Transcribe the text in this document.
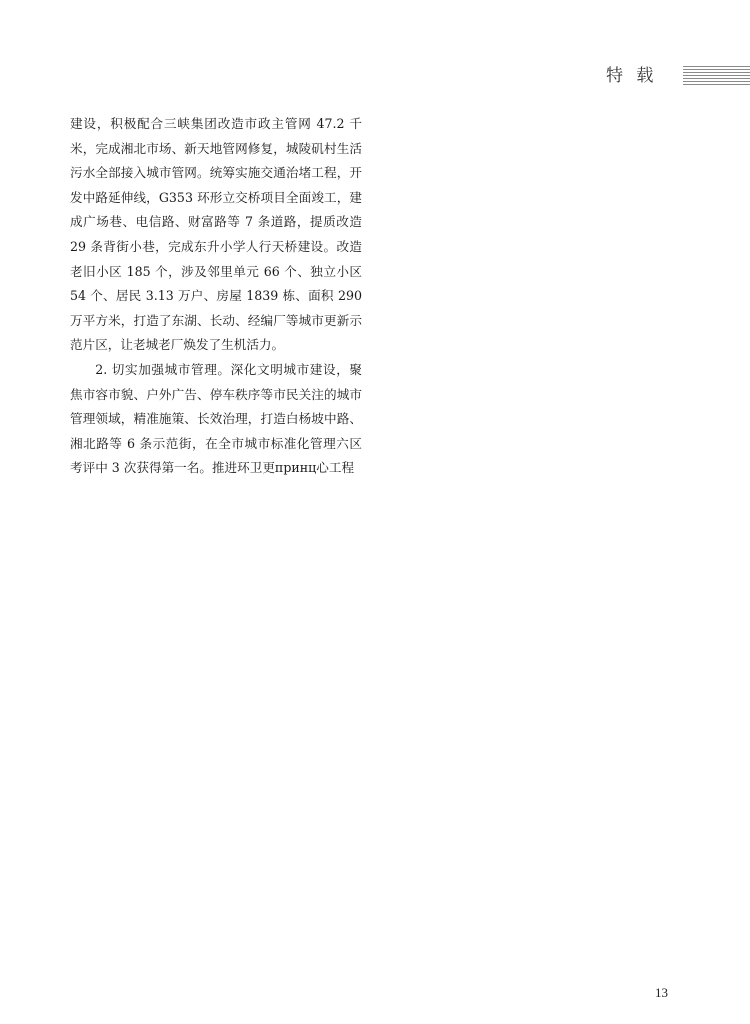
特 载

建设，积极配合三峡集团改造市政主管网 47.2 千米，完成湘北市场、新天地管网修复，城陵矶村生活污水全部接入城市管网。统筹实施交通治堵工程，开发中路延伸线，G353 环形立交桥项目全面竣工，建成广场巷、电信路、财富路等 7 条道路，提质改造 29 条背街小巷，完成东升小学人行天桥建设。改造老旧小区 185 个，涉及邻里单元 66 个、独立小区 54 个、居民 3.13 万户、房屋 1839 栋、面积 290 万平方米，打造了东湖、长动、经编厂等城市更新示范片区，让老城老厂焕发了生机活力。

2. 切实加强城市管理。深化文明城市建设，聚焦市容市貌、户外广告、停车秩序等市民关注的城市管理领域，精准施策、长效治理，打造白杨坡中路、湘北路等 6 条示范街，在全市城市标准化管理六区考评中 3 次获得第一名。推进环卫更принц心工程

13
